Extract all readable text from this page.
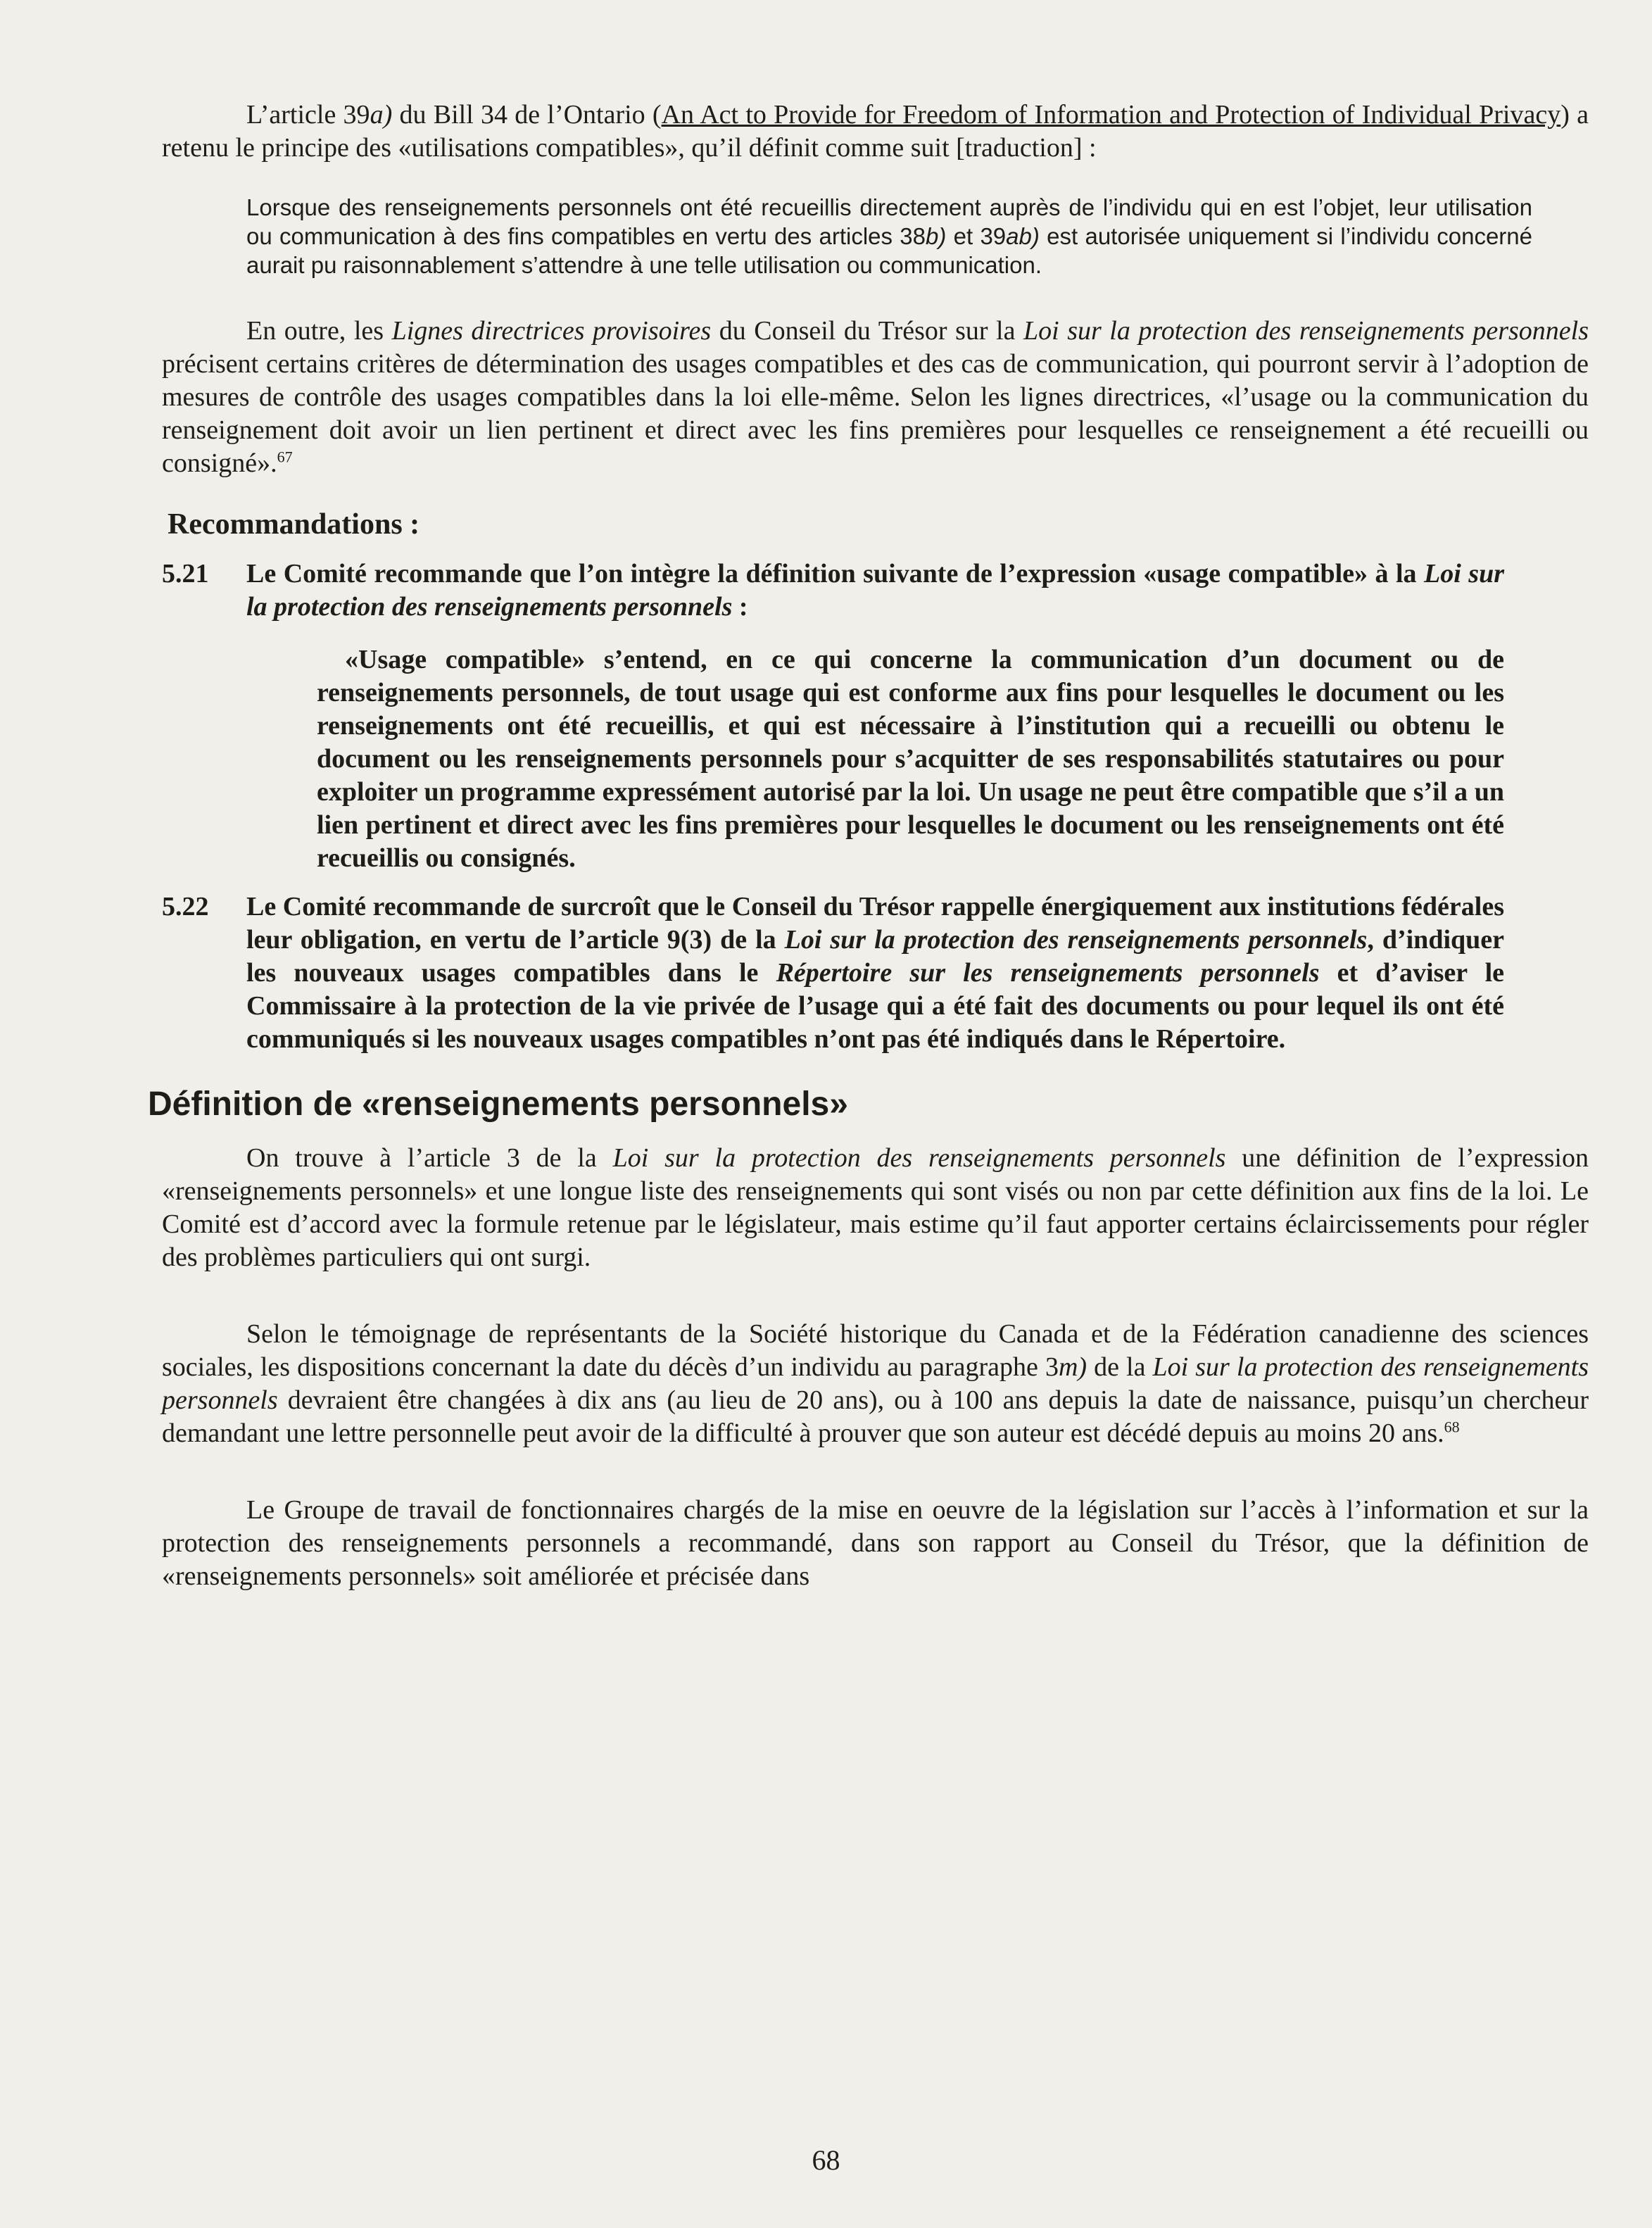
L’article 39a) du Bill 34 de l’Ontario (An Act to Provide for Freedom of Information and Protection of Individual Privacy) a retenu le principe des «utilisations compatibles», qu’il définit comme suit [traduction] :

Lorsque des renseignements personnels ont été recueillis directement auprès de l’individu qui en est l’objet, leur utilisation ou communication à des fins compatibles en vertu des articles 38b) et 39ab) est autorisée uniquement si l’individu concerné aurait pu raisonnablement s’attendre à une telle utilisation ou communication.

En outre, les Lignes directrices provisoires du Conseil du Trésor sur la Loi sur la protection des renseignements personnels précisent certains critères de détermination des usages compatibles et des cas de communication, qui pourront servir à l’adoption de mesures de contrôle des usages compatibles dans la loi elle-même. Selon les lignes directrices, «l’usage ou la communication du renseignement doit avoir un lien pertinent et direct avec les fins premières pour lesquelles ce renseignement a été recueilli ou consigné».$^{67}$

Recommandations :
5.21	Le Comité recommande que l’on intègre la définition suivante de l’expression «usage compatible» à la Loi sur la protection des renseignements personnels :

«Usage compatible» s’entend, en ce qui concerne la communication d’un document ou de renseignements personnels, de tout usage qui est conforme aux fins pour lesquelles le document ou les renseignements ont été recueillis, et qui est nécessaire à l’institution qui a recueilli ou obtenu le document ou les renseignements personnels pour s’acquitter de ses responsabilités statutaires ou pour exploiter un programme expressément autorisé par la loi. Un usage ne peut être compatible que s’il a un lien pertinent et direct avec les fins premières pour lesquelles le document ou les renseignements ont été recueillis ou consignés.

5.22	Le Comité recommande de surcroît que le Conseil du Trésor rappelle énergiquement aux institutions fédérales leur obligation, en vertu de l’article 9(3) de la Loi sur la protection des renseignements personnels, d’indiquer les nouveaux usages compatibles dans le Répertoire sur les renseignements personnels et d’aviser le Commissaire à la protection de la vie privée de l’usage qui a été fait des documents ou pour lequel ils ont été communiqués si les nouveaux usages compatibles n’ont pas été indiqués dans le Répertoire.
Définition de «renseignements personnels»

On trouve à l’article 3 de la Loi sur la protection des renseignements personnels une définition de l’expression «renseignements personnels» et une longue liste des renseignements qui sont visés ou non par cette définition aux fins de la loi. Le Comité est d’accord avec la formule retenue par le législateur, mais estime qu’il faut apporter certains éclaircissements pour régler des problèmes particuliers qui ont surgi.

Selon le témoignage de représentants de la Société historique du Canada et de la Fédération canadienne des sciences sociales, les dispositions concernant la date du décès d’un individu au paragraphe 3m) de la Loi sur la protection des renseignements personnels devraient être changées à dix ans (au lieu de 20 ans), ou à 100 ans depuis la date de naissance, puisqu’un chercheur demandant une lettre personnelle peut avoir de la difficulté à prouver que son auteur est décédé depuis au moins 20 ans.$^{68}$

Le Groupe de travail de fonctionnaires chargés de la mise en oeuvre de la législation sur l’accès à l’information et sur la protection des renseignements personnels a recommandé, dans son rapport au Conseil du Trésor, que la définition de «renseignements personnels» soit améliorée et précisée dans

68
